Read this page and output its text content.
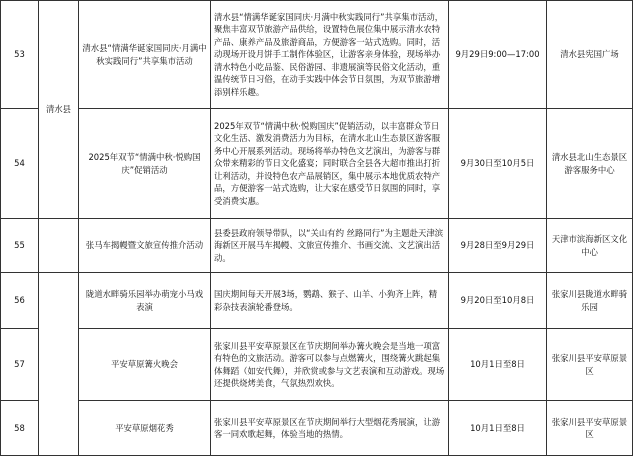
53	清水县	清水县“情满华诞家国同庆·月满中秋实践同行”共享集市活动	清水县“情满华诞家国同庆·月满中秋实践同行”共享集市活动，聚焦丰富双节旅游产品供给，设置特色展位集中展示清水农特产品、康养产品及旅游商品，方便游客一站式选购。同时，活动现场开设月饼手工制作体验区，让游客亲身体验，现场举办清水特色小吃品鉴、民俗游园、非遗展演等民俗文化活动，重温传统节日习俗，在动手实践中体会节日氛围，为双节旅游增添别样乐趣。	9月29日9:00—17:00	清水县宪国广场
54		2025年双节“情满中秋·悦购国庆”促销活动	2025年双节“情满中秋·悦购国庆”促销活动，以丰富群众节日文化生活、激发消费活力为目标，在清水北山生态景区游客服务中心开展系列活动。现场将举办特色文艺演出，为游客与群众带来精彩的节日文化盛宴；同时联合全县各大超市推出打折让利活动，并设特色农产品展销区，集中展示本地优质农特产品，方便游客一站式选购，让大家在感受节日氛围的同时，享受消费实惠。	9月30日至10月5日	清水县北山生态景区游客服务中心
55		张马车揭幔暨文旅宣传推介活动	县委县政府领导带队，以“关山有约 丝路同行”为主题赴天津滨海新区开展马车揭幔、文旅宣传推介、书画交流、文艺演出活动。	9月28日至9月29日	天津市滨海新区文化中心
56		陇道水畔骑乐园举办萌宠小马戏表演	国庆期间每天开展3场，鹦鹉、猴子、山羊、小狗齐上阵，精彩杂技表演轮番登场。	9月20日至10月8日	张家川县陇道水畔骑乐园
57		平安草原篝火晚会	张家川县平安草原景区在节庆期间举办篝火晚会是当地一项富有特色的文旅活动。游客可以参与点燃篝火，围绕篝火跳起集体舞蹈（如安代舞），并欣赏或参与文艺表演和互动游戏。现场还提供烧烤美食，气氛热烈欢快。	10月1日至8日	张家川县平安草原景区
58		平安草原烟花秀	张家川县平安草原景区在节庆期间举行大型烟花秀展演，让游客一同欢歌起舞，体验当地的热情。	10月1日至8日	张家川县平安草原景区
